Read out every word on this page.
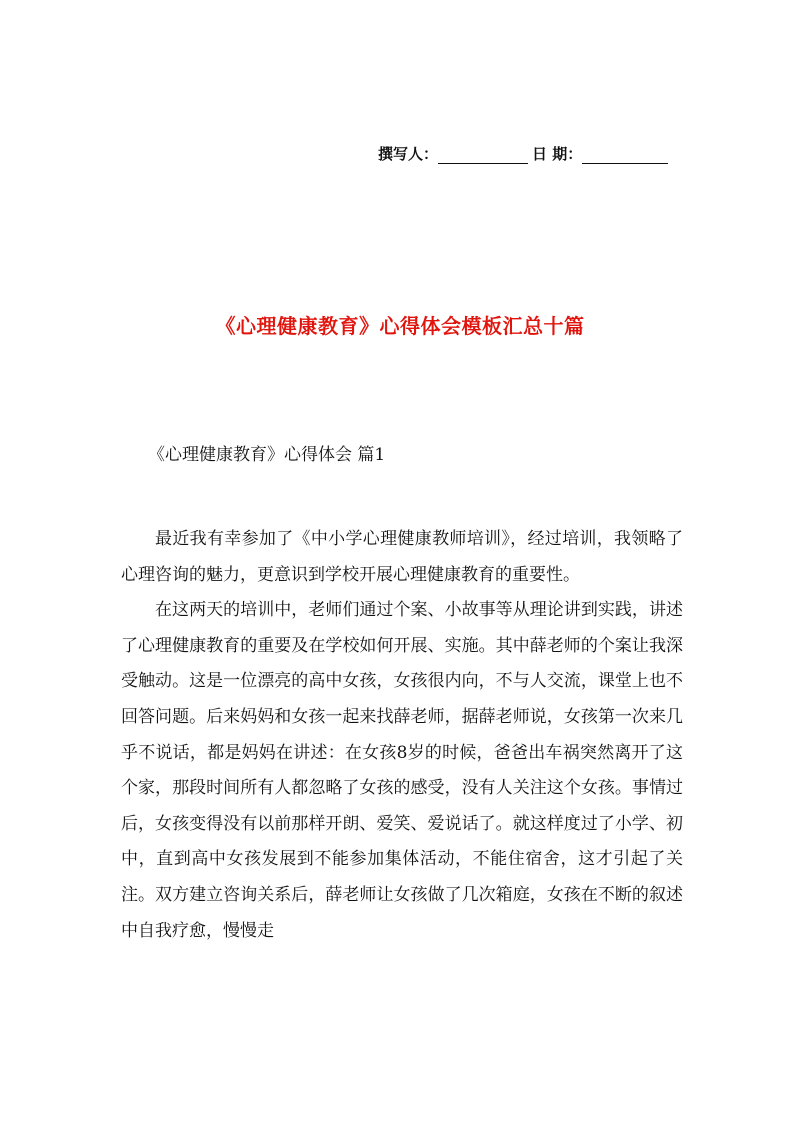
撰写人：	日 期：
《心理健康教育》心得体会模板汇总十篇
《心理健康教育》心得体会 篇1

最近我有幸参加了《中小学心理健康教师培训》，经过培训，我领略了心理咨询的魅力，更意识到学校开展心理健康教育的重要性。

在这两天的培训中，老师们通过个案、小故事等从理论讲到实践，讲述了心理健康教育的重要及在学校如何开展、实施。其中薛老师的个案让我深受触动。这是一位漂亮的高中女孩，女孩很内向，不与人交流，课堂上也不回答问题。后来妈妈和女孩一起来找薛老师，据薛老师说，女孩第一次来几乎不说话，都是妈妈在讲述：在女孩8岁的时候，爸爸出车祸突然离开了这个家，那段时间所有人都忽略了女孩的感受，没有人关注这个女孩。事情过后，女孩变得没有以前那样开朗、爱笑、爱说话了。就这样度过了小学、初中，直到高中女孩发展到不能参加集体活动，不能住宿舍，这才引起了关注。双方建立咨询关系后，薛老师让女孩做了几次箱庭，女孩在不断的叙述中自我疗愈，慢慢走
